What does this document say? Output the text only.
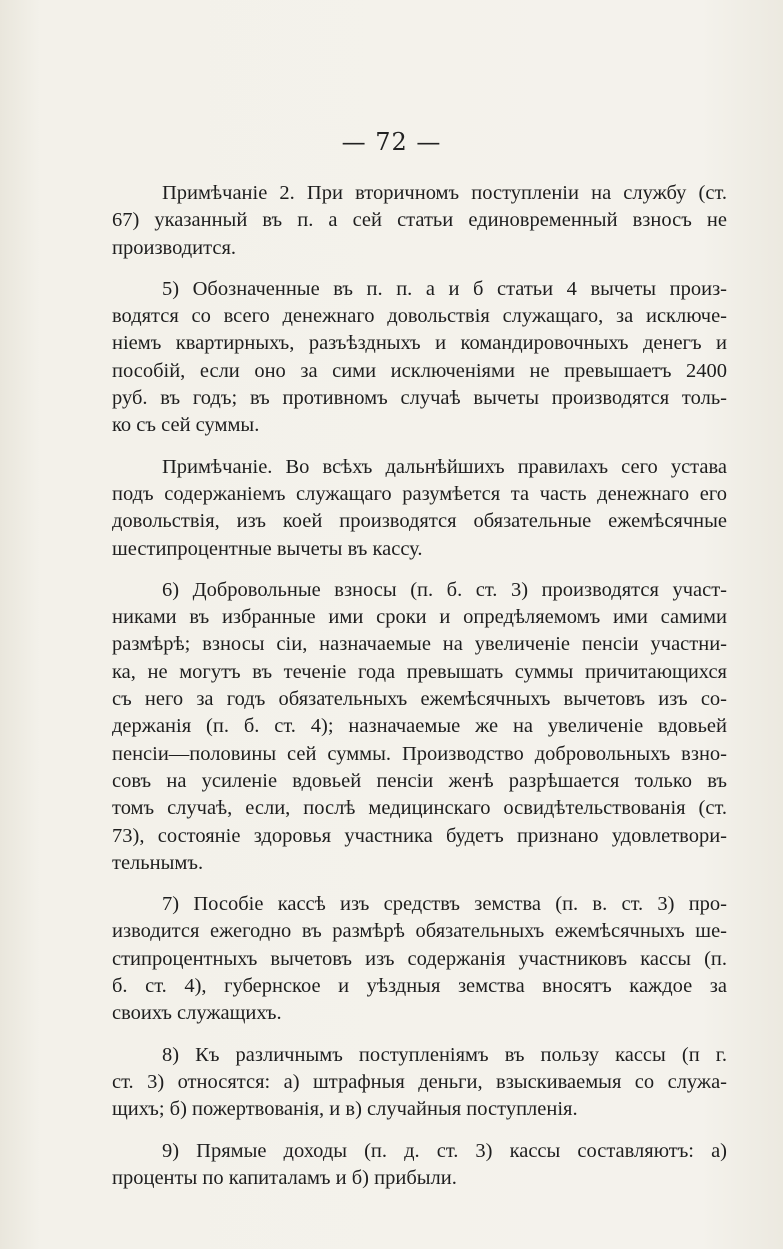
— 72 —
Примѣчаніе 2. При вторичномъ поступленіи на службу (ст.
67) указанный въ п. а сей статьи единовременный взносъ не
производится.
5) Обозначенные въ п. п. а и б статьи 4 вычеты произ-
водятся со всего денежнаго довольствія служащаго, за исключе-
ніемъ квартирныхъ, разъѣздныхъ и командировочныхъ денегъ и
пособій, если оно за сими исключеніями не превышаетъ 2400
руб. въ годъ; въ противномъ случаѣ вычеты производятся толь-
ко съ сей суммы.
Примѣчаніе. Во всѣхъ дальнѣйшихъ правилахъ сего устава
подъ содержаніемъ служащаго разумѣется та часть денежнаго его
довольствія, изъ коей производятся обязательные ежемѣсячные
шестипроцентные вычеты въ кассу.
6) Добровольные взносы (п. б. ст. 3) производятся участ-
никами въ избранные ими сроки и опредѣляемомъ ими самими
размѣрѣ; взносы сіи, назначаемые на увеличеніе пенсіи участни-
ка, не могутъ въ теченіе года превышать суммы причитающихся
съ него за годъ обязательныхъ ежемѣсячныхъ вычетовъ изъ со-
держанія (п. б. ст. 4); назначаемые же на увеличеніе вдовьей
пенсіи—половины сей суммы. Производство добровольныхъ взно-
совъ на усиленіе вдовьей пенсіи женѣ разрѣшается только въ
томъ случаѣ, если, послѣ медицинскаго освидѣтельствованія (ст.
73), состояніе здоровья участника будетъ признано удовлетвори-
тельнымъ.
7) Пособіе кассѣ изъ средствъ земства (п. в. ст. 3) про-
изводится ежегодно въ размѣрѣ обязательныхъ ежемѣсячныхъ ше-
стипроцентныхъ вычетовъ изъ содержанія участниковъ кассы (п.
б. ст. 4), губернское и уѣздныя земства вносятъ каждое за
своихъ служащихъ.
8) Къ различнымъ поступленіямъ въ пользу кассы (п г.
ст. 3) относятся: а) штрафныя деньги, взыскиваемыя со служа-
щихъ; б) пожертвованія, и в) случайныя поступленія.
9) Прямые доходы (п. д. ст. 3) кассы составляютъ: а)
проценты по капиталамъ и б) прибыли.
